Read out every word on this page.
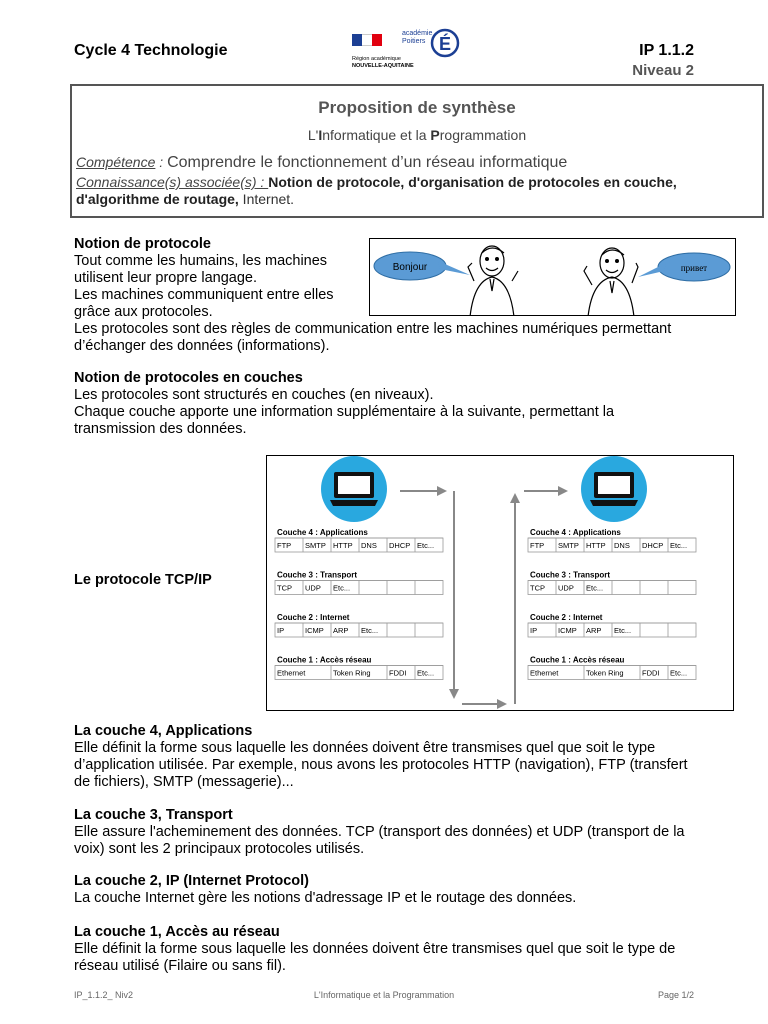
Cycle 4 Technologie
académie Poitiers É
Région académique
NOUVELLE-AQUITAINE
IP 1.1.2
Niveau 2
Proposition de synthèse
L'Informatique et la Programmation
Compétence : Comprendre le fonctionnement d’un réseau informatique
Connaissance(s) associée(s) : Notion de protocole, d'organisation de protocoles en couche, d'algorithme de routage, Internet.
Notion de protocole
Tout comme les humains, les machines
utilisent leur propre langage.
Les machines communiquent entre elles
grâce aux protocoles.
Les protocoles sont des règles de communication entre les machines numériques permettant
d’échanger des données (informations).
Bonjour	привет
Notion de protocoles en couches
Les protocoles sont structurés en couches (en niveaux).
Chaque couche apporte une information supplémentaire à la suivante, permettant la
transmission des données.
Le protocole TCP/IP
Couche 4 : Applications
FTP SMTP HTTP DNS DHCP Etc...
Couche 3 : Transport
TCP UDP Etc...
Couche 2 : Internet
IP	ICMP ARP Etc...
Couche 1 : Accès réseau
Ethernet	Token Ring FDDI Etc...
Couche 4 : Applications
FTP SMTP HTTP DNS DHCP Etc...
Couche 3 : Transport
TCP UDP Etc...
Couche 2 : Internet
IP	ICMP ARP Etc...
Couche 1 : Accès réseau
Ethernet	Token Ring FDDI Etc...
La couche 4, Applications
Elle définit la forme sous laquelle les données doivent être transmises quel que soit le type
d’application utilisée. Par exemple, nous avons les protocoles HTTP (navigation), FTP (transfert
de fichiers), SMTP (messagerie)...
La couche 3, Transport
Elle assure l'acheminement des données. TCP (transport des données) et UDP (transport de la
voix) sont les 2 principaux protocoles utilisés.
La couche 2, IP (Internet Protocol)
La couche Internet gère les notions d'adressage IP et le routage des données.
La couche 1, Accès au réseau
Elle définit la forme sous laquelle les données doivent être transmises quel que soit le type de
réseau utilisé (Filaire ou sans fil).
IP_1.1.2_ Niv2	L'Informatique et la Programmation	Page 1/2
